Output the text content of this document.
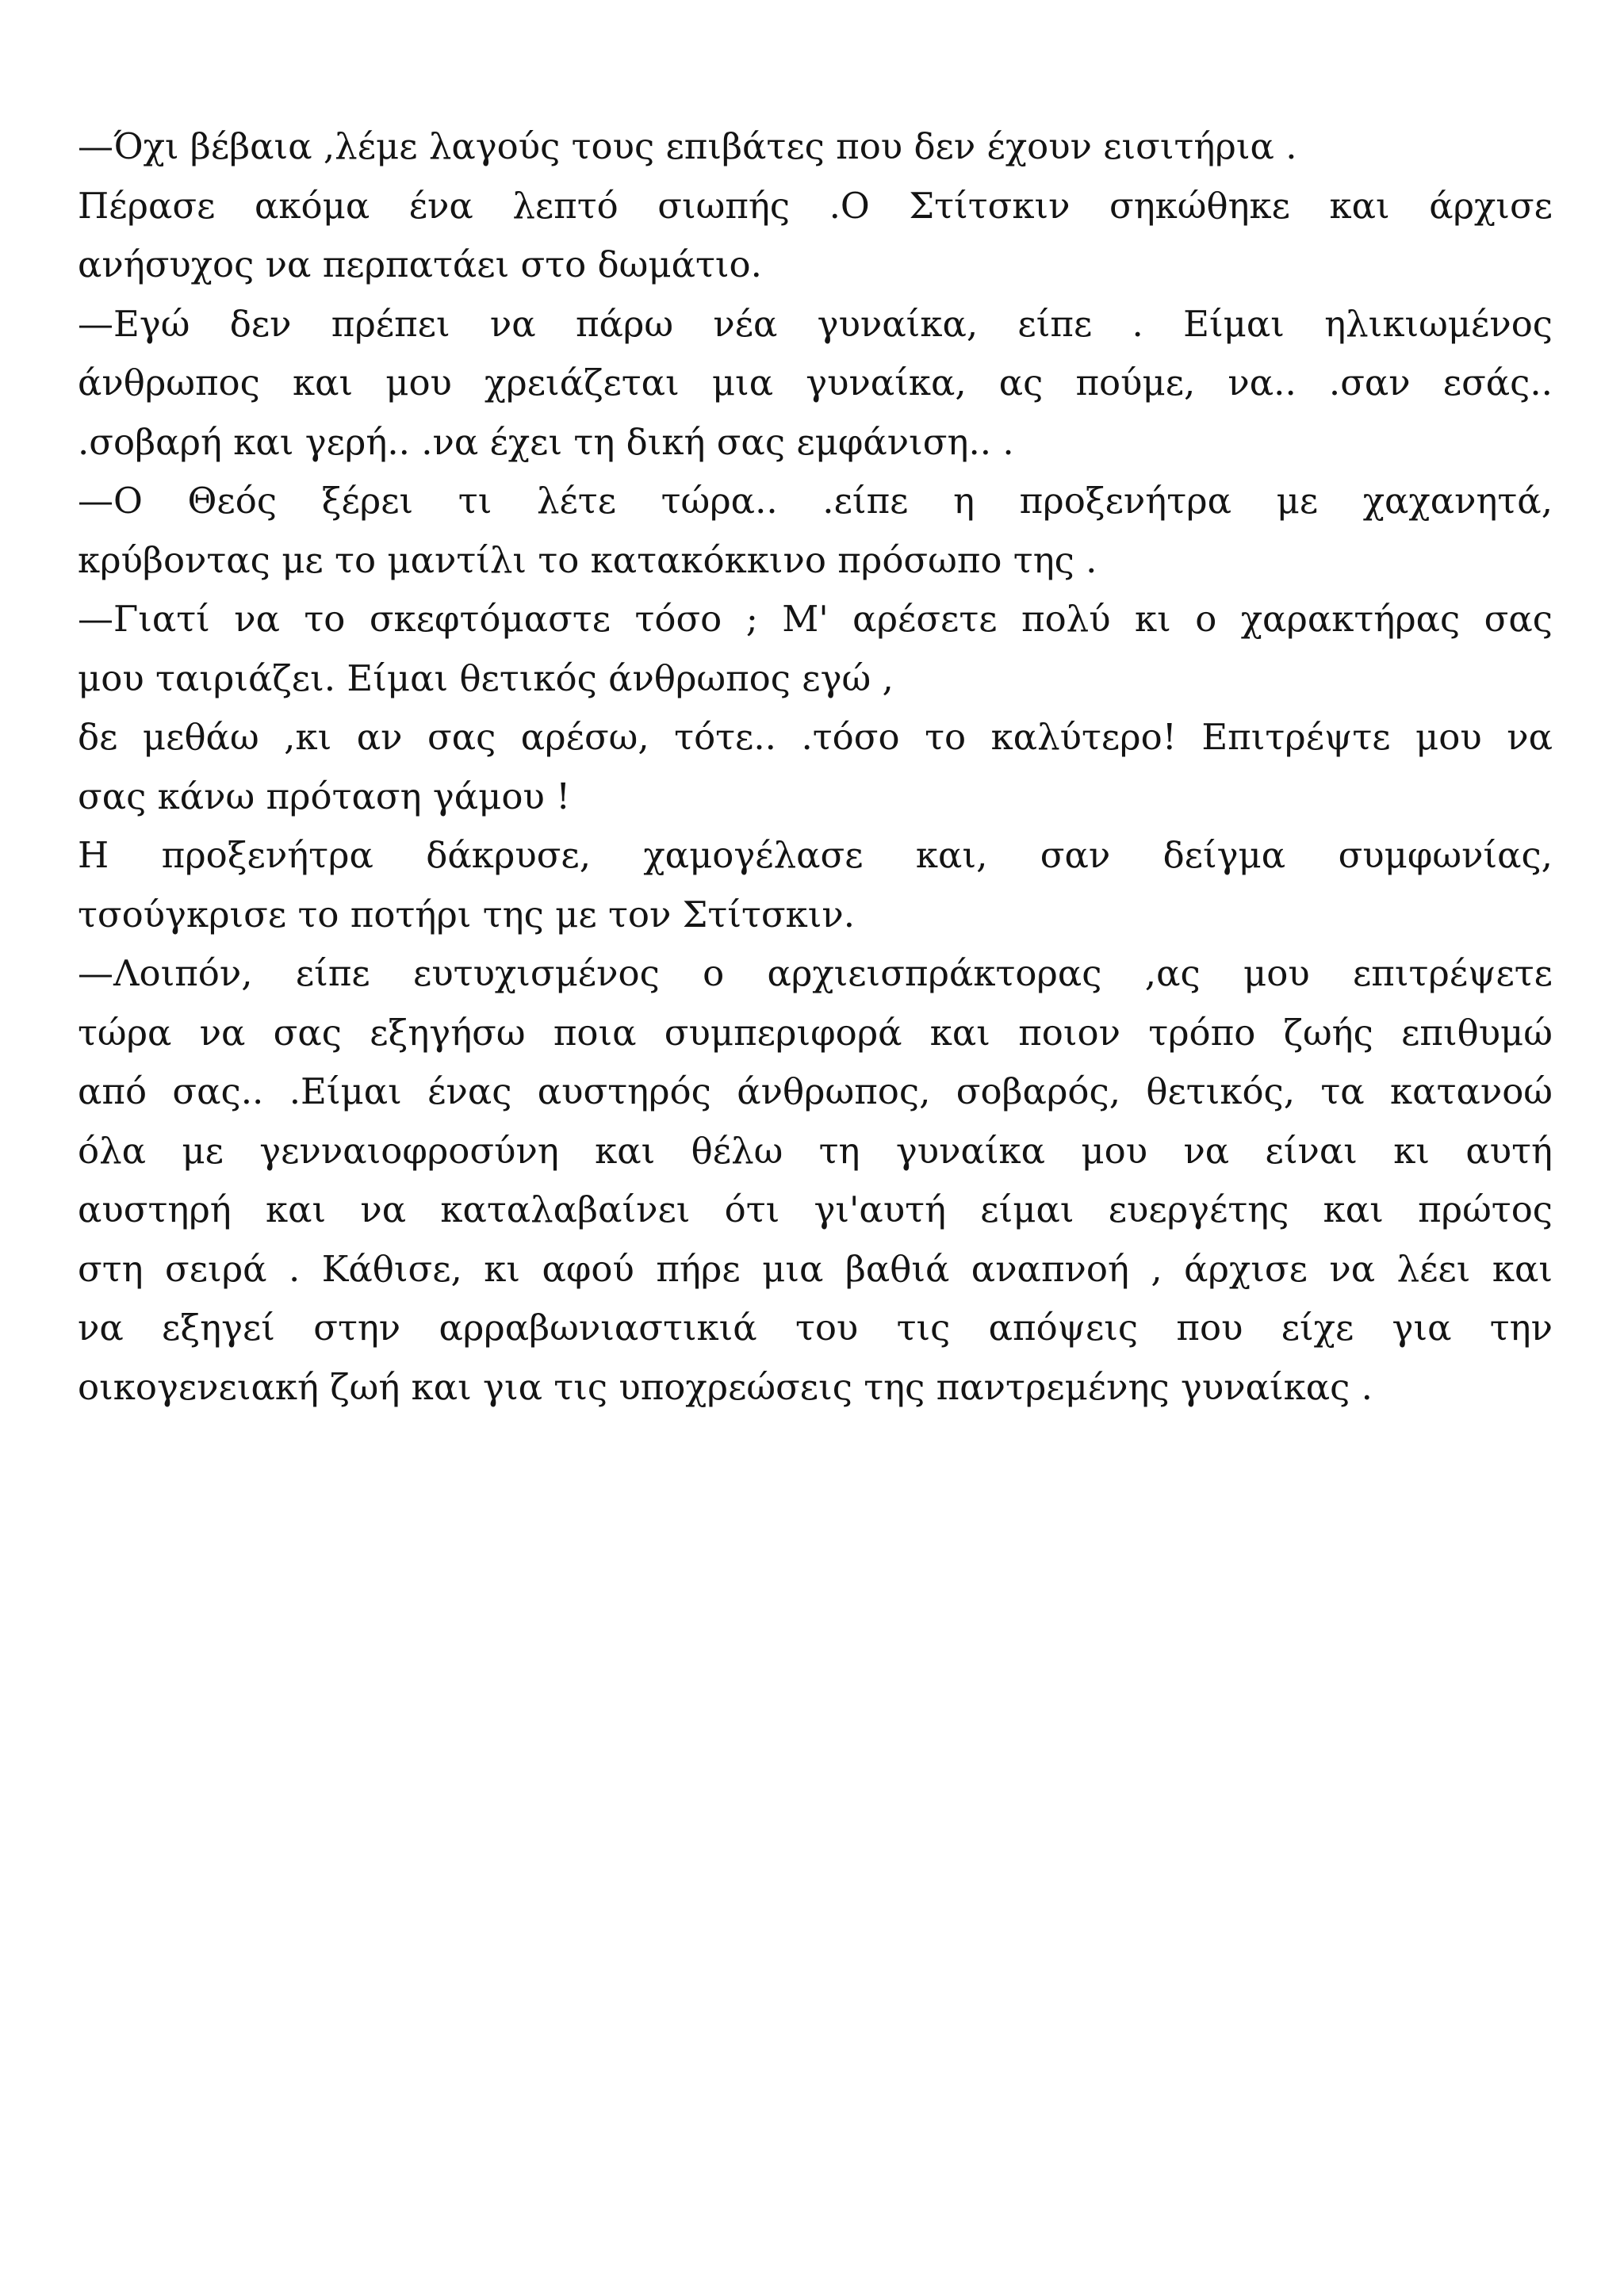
—Όχι βέβαια ,λέμε λαγούς τους επιβάτες που δεν έχουν εισιτήρια .
Πέρασε ακόμα ένα λεπτό σιωπής .Ο Στίτσκιν σηκώθηκε και άρχισε
ανήσυχος να περπατάει στο δωμάτιο.
—Εγώ δεν πρέπει να πάρω νέα γυναίκα, είπε . Είμαι ηλικιωμένος
άνθρωπος και μου χρειάζεται μια γυναίκα, ας πούμε, να.. .σαν εσάς..
.σοβαρή και γερή.. .να έχει τη δική σας εμφάνιση.. .
—Ο Θεός ξέρει τι λέτε τώρα.. .είπε η προξενήτρα με χαχανητά,
κρύβοντας με το μαντίλι το κατακόκκινο πρόσωπο της .
—Γιατί να το σκεφτόμαστε τόσο ; Μ' αρέσετε πολύ κι ο χαρακτήρας σας
μου ταιριάζει. Είμαι θετικός άνθρωπος εγώ ,
δε μεθάω ,κι αν σας αρέσω, τότε.. .τόσο το καλύτερο! Επιτρέψτε μου να
σας κάνω πρόταση γάμου !
Η προξενήτρα δάκρυσε, χαμογέλασε και, σαν δείγμα συμφωνίας,
τσούγκρισε το ποτήρι της με τον Στίτσκιν.
—Λοιπόν, είπε ευτυχισμένος ο αρχιεισπράκτορας ,ας μου επιτρέψετε
τώρα να σας εξηγήσω ποια συμπεριφορά και ποιον τρόπο ζωής επιθυμώ
από σας.. .Είμαι ένας αυστηρός άνθρωπος, σοβαρός, θετικός, τα κατανοώ
όλα με γενναιοφροσύνη και θέλω τη γυναίκα μου να είναι κι αυτή
αυστηρή και να καταλαβαίνει ότι γι'αυτή είμαι ευεργέτης και πρώτος
στη σειρά . Κάθισε, κι αφού πήρε μια βαθιά αναπνοή , άρχισε να λέει και
να εξηγεί στην αρραβωνιαστικιά του τις απόψεις που είχε για την
οικογενειακή ζωή και για τις υποχρεώσεις της παντρεμένης γυναίκας .
